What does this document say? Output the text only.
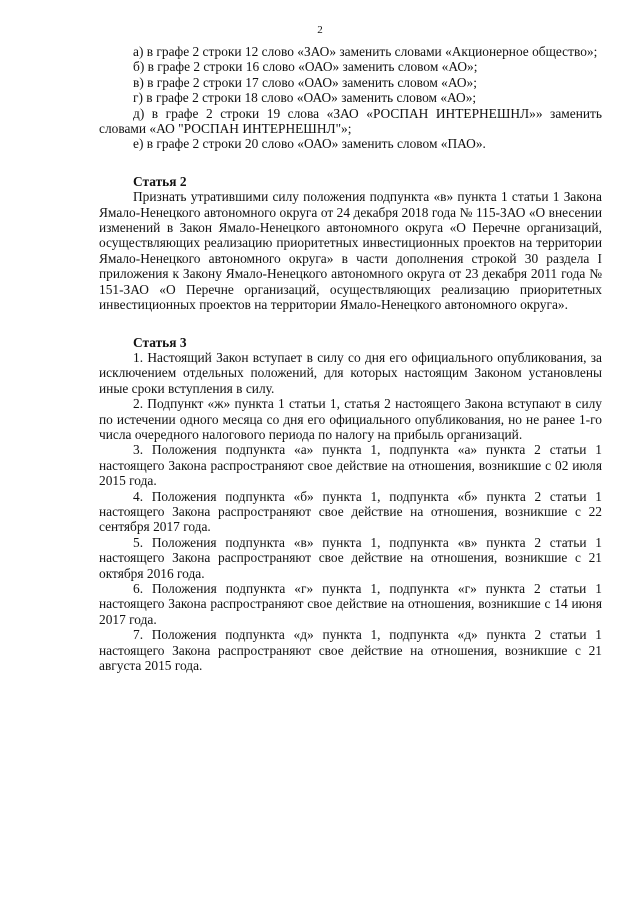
2

а) в графе 2 строки 12 слово «ЗАО» заменить словами «Акционерное общество»;

б) в графе 2 строки 16 слово «ОАО» заменить словом «АО»;

в) в графе 2 строки 17 слово «ОАО» заменить словом «АО»;

г) в графе 2 строки 18 слово «ОАО» заменить словом «АО»;

д) в графе 2 строки 19 слова «ЗАО «РОСПАН ИНТЕРНЕШНЛ»» заменить словами «АО "РОСПАН ИНТЕРНЕШНЛ"»;

е) в графе 2 строки 20 слово «ОАО» заменить словом «ПАО».

Статья 2

Признать утратившими силу положения подпункта «в» пункта 1 статьи 1 Закона Ямало-Ненецкого автономного округа от 24 декабря 2018 года № 115-ЗАО «О внесении изменений в Закон Ямало-Ненецкого автономного округа «О Перечне организаций, осуществляющих реализацию приоритетных инвестиционных проектов на территории Ямало-Ненецкого автономного округа» в части дополнения строкой 30 раздела I приложения к Закону Ямало-Ненецкого автономного округа от 23 декабря 2011 года № 151-ЗАО «О Перечне организаций, осуществляющих реализацию приоритетных инвестиционных проектов на территории Ямало-Ненецкого автономного округа».

Статья 3

1. Настоящий Закон вступает в силу со дня его официального опубликования, за исключением отдельных положений, для которых настоящим Законом установлены иные сроки вступления в силу.

2. Подпункт «ж» пункта 1 статьи 1, статья 2 настоящего Закона вступают в силу по истечении одного месяца со дня его официального опубликования, но не ранее 1-го числа очередного налогового периода по налогу на прибыль организаций.

3. Положения подпункта «а» пункта 1, подпункта «а» пункта 2 статьи 1 настоящего Закона распространяют свое действие на отношения, возникшие с 02 июля 2015 года.

4. Положения подпункта «б» пункта 1, подпункта «б» пункта 2 статьи 1 настоящего Закона распространяют свое действие на отношения, возникшие с 22 сентября 2017 года.

5. Положения подпункта «в» пункта 1, подпункта «в» пункта 2 статьи 1 настоящего Закона распространяют свое действие на отношения, возникшие с 21 октября 2016 года.

6. Положения подпункта «г» пункта 1, подпункта «г» пункта 2 статьи 1 настоящего Закона распространяют свое действие на отношения, возникшие с 14 июня 2017 года.

7. Положения подпункта «д» пункта 1, подпункта «д» пункта 2 статьи 1 настоящего Закона распространяют свое действие на отношения, возникшие с 21 августа 2015 года.
